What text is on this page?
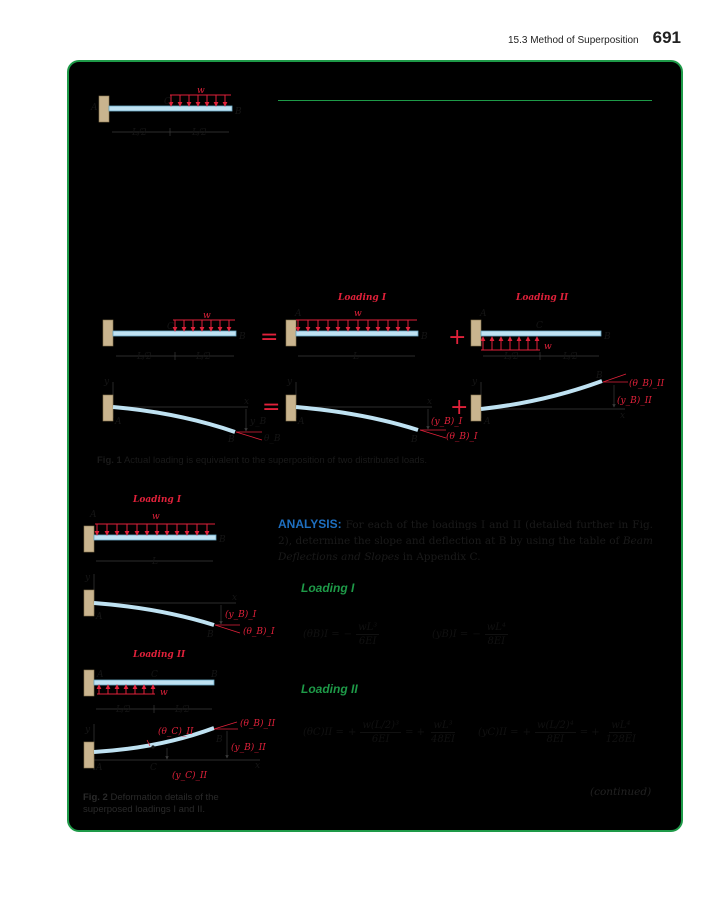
15.3 Method of Superposition 691
w
A
C
B
L/2	L/2
Loading I	Loading II
w
C
B
L/2	L/2
=
w
A
B
L
+	w
A
C
B
L/2	L/2
y
x
A
B
y_B
θ_B
=
y
x
A
B
(y_B)_I
(θ_B)_I
+
y
x
A
B
(y_B)_II
(θ_B)_II
Loading I
w
A
B
L
y
x
A
B
(y_B)_I
(θ_B)_I
Loading II
w
A	C	B
L/2	L/2
y
x
A	C
B
(y_B)_II
(θ_B)_II
(θ_C)_II
(y_C)_II
Fig. 1 Actual loading is equivalent to the superposition of two distributed loads.
Fig. 2 Deformation details of the superposed loadings I and II.
ANALYSIS: For each of the loadings I and II (detailed further in Fig. 2), determine the slope and deflection at B by using the table of Beam Deflections and Slopes in Appendix C.
Loading I
(θB)I = − $\frac{\text{wL³}}{6EI}$	(yB)I = − $\frac{\text{wL⁴}}{8EI}$
Loading II
(θC)II = + $\frac{\text{w(L/2)³}}{6EI}$ = + $\frac{\text{wL³}}{48EI} (yC)II$ = + $\frac{\text{w(L/2)⁴}}{8EI}$ = + $\frac{\text{wL⁴}}{128EI}$
(continued)
